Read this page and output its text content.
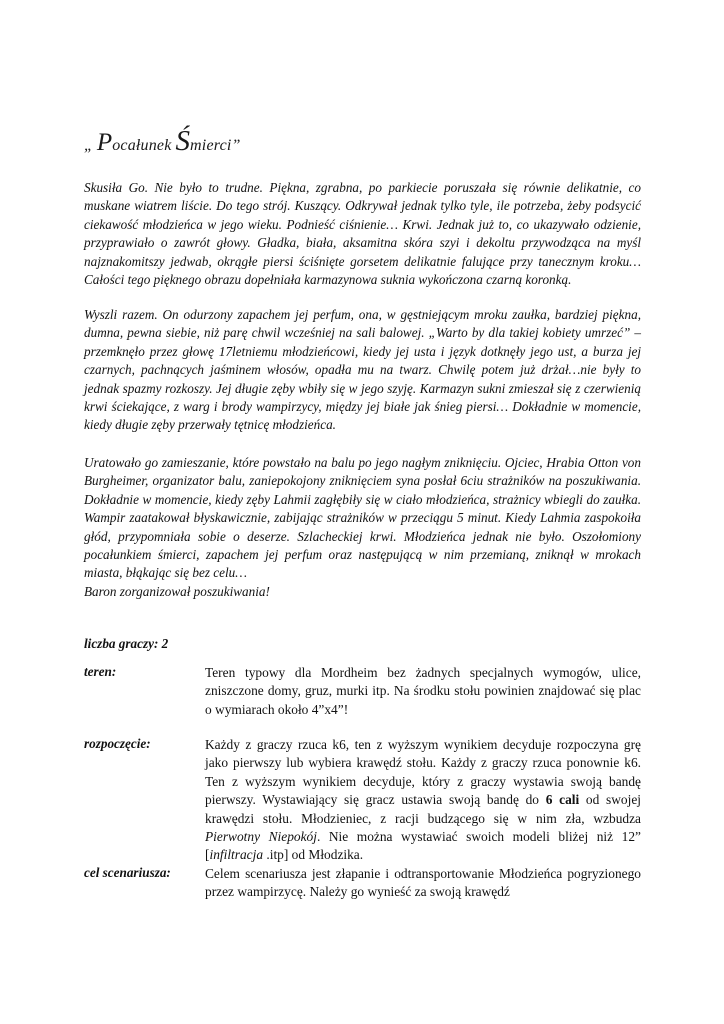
„ Pocałunek Śmierci”

Skusiła Go. Nie było to trudne. Piękna, zgrabna, po parkiecie poruszała się równie delikatnie, co muskane wiatrem liście. Do tego strój. Kuszący. Odkrywał jednak tylko tyle, ile potrzeba, żeby podsycić ciekawość młodzieńca w jego wieku. Podnieść ciśnienie… Krwi. Jednak już to, co ukazywało odzienie, przyprawiało o zawrót głowy. Gładka, biała, aksamitna skóra szyi i dekoltu przywodząca na myśl najznakomitszy jedwab, okrągłe piersi ściśnięte gorsetem delikatnie falujące przy tanecznym kroku… Całości tego pięknego obrazu dopełniała karmazynowa suknia wykończona czarną koronką.

Wyszli razem. On odurzony zapachem jej perfum, ona, w gęstniejącym mroku zaułka, bardziej piękna, dumna, pewna siebie, niż parę chwil wcześniej na sali balowej. „Warto by dla takiej kobiety umrzeć” – przemknęło przez głowę 17letniemu młodzieńcowi, kiedy jej usta i język dotknęły jego ust, a burza jej czarnych, pachnących jaśminem włosów, opadła mu na twarz. Chwilę potem już drżał…nie były to jednak spazmy rozkoszy. Jej długie zęby wbiły się w jego szyję. Karmazyn sukni zmieszał się z czerwienią krwi ściekające, z warg i brody wampirzycy, między jej białe jak śnieg piersi… Dokładnie w momencie, kiedy długie zęby przerwały tętnicę młodzieńca.

Uratowało go zamieszanie, które powstało na balu po jego nagłym zniknięciu. Ojciec, Hrabia Otton von Burgheimer, organizator balu, zaniepokojony zniknięciem syna posłał 6ciu strażników na poszukiwania. Dokładnie w momencie, kiedy zęby Lahmii zagłębiły się w ciało młodzieńca, strażnicy wbiegli do zaułka. Wampir zaatakował błyskawicznie, zabijając strażników w przeciągu 5 minut. Kiedy Lahmia zaspokoiła głód, przypomniała sobie o deserze. Szlacheckiej krwi. Młodzieńca jednak nie było. Oszołomiony pocałunkiem śmierci, zapachem jej perfum oraz następującą w nim przemianą, zniknął w mrokach miasta, błąkając się bez celu…

Baron zorganizował poszukiwania!

liczba graczy: 2
teren:	Teren typowy dla Mordheim bez żadnych specjalnych wymogów, ulice, zniszczone domy, gruz, murki itp. Na środku stołu powinien znajdować się plac o wymiarach około 4”x4”!

rozpoczęcie:	Każdy z graczy rzuca k6, ten z wyższym wynikiem decyduje rozpoczyna grę jako pierwszy lub wybiera krawędź stołu. Każdy z graczy rzuca ponownie k6. Ten z wyższym wynikiem decyduje, który z graczy wystawia swoją bandę pierwszy. Wystawiający się gracz ustawia swoją bandę do 6 cali od swojej krawędzi stołu. Młodzieniec, z racji budzącego się w nim zła, wzbudza Pierwotny Niepokój. Nie można wystawiać swoich modeli bliżej niż 12” [infiltracja .itp] od Młodzika.

cel scenariusza:	Celem scenariusza jest złapanie i odtransportowanie Młodzieńca pogryzionego przez wampirzycę. Należy go wynieść za swoją krawędź
